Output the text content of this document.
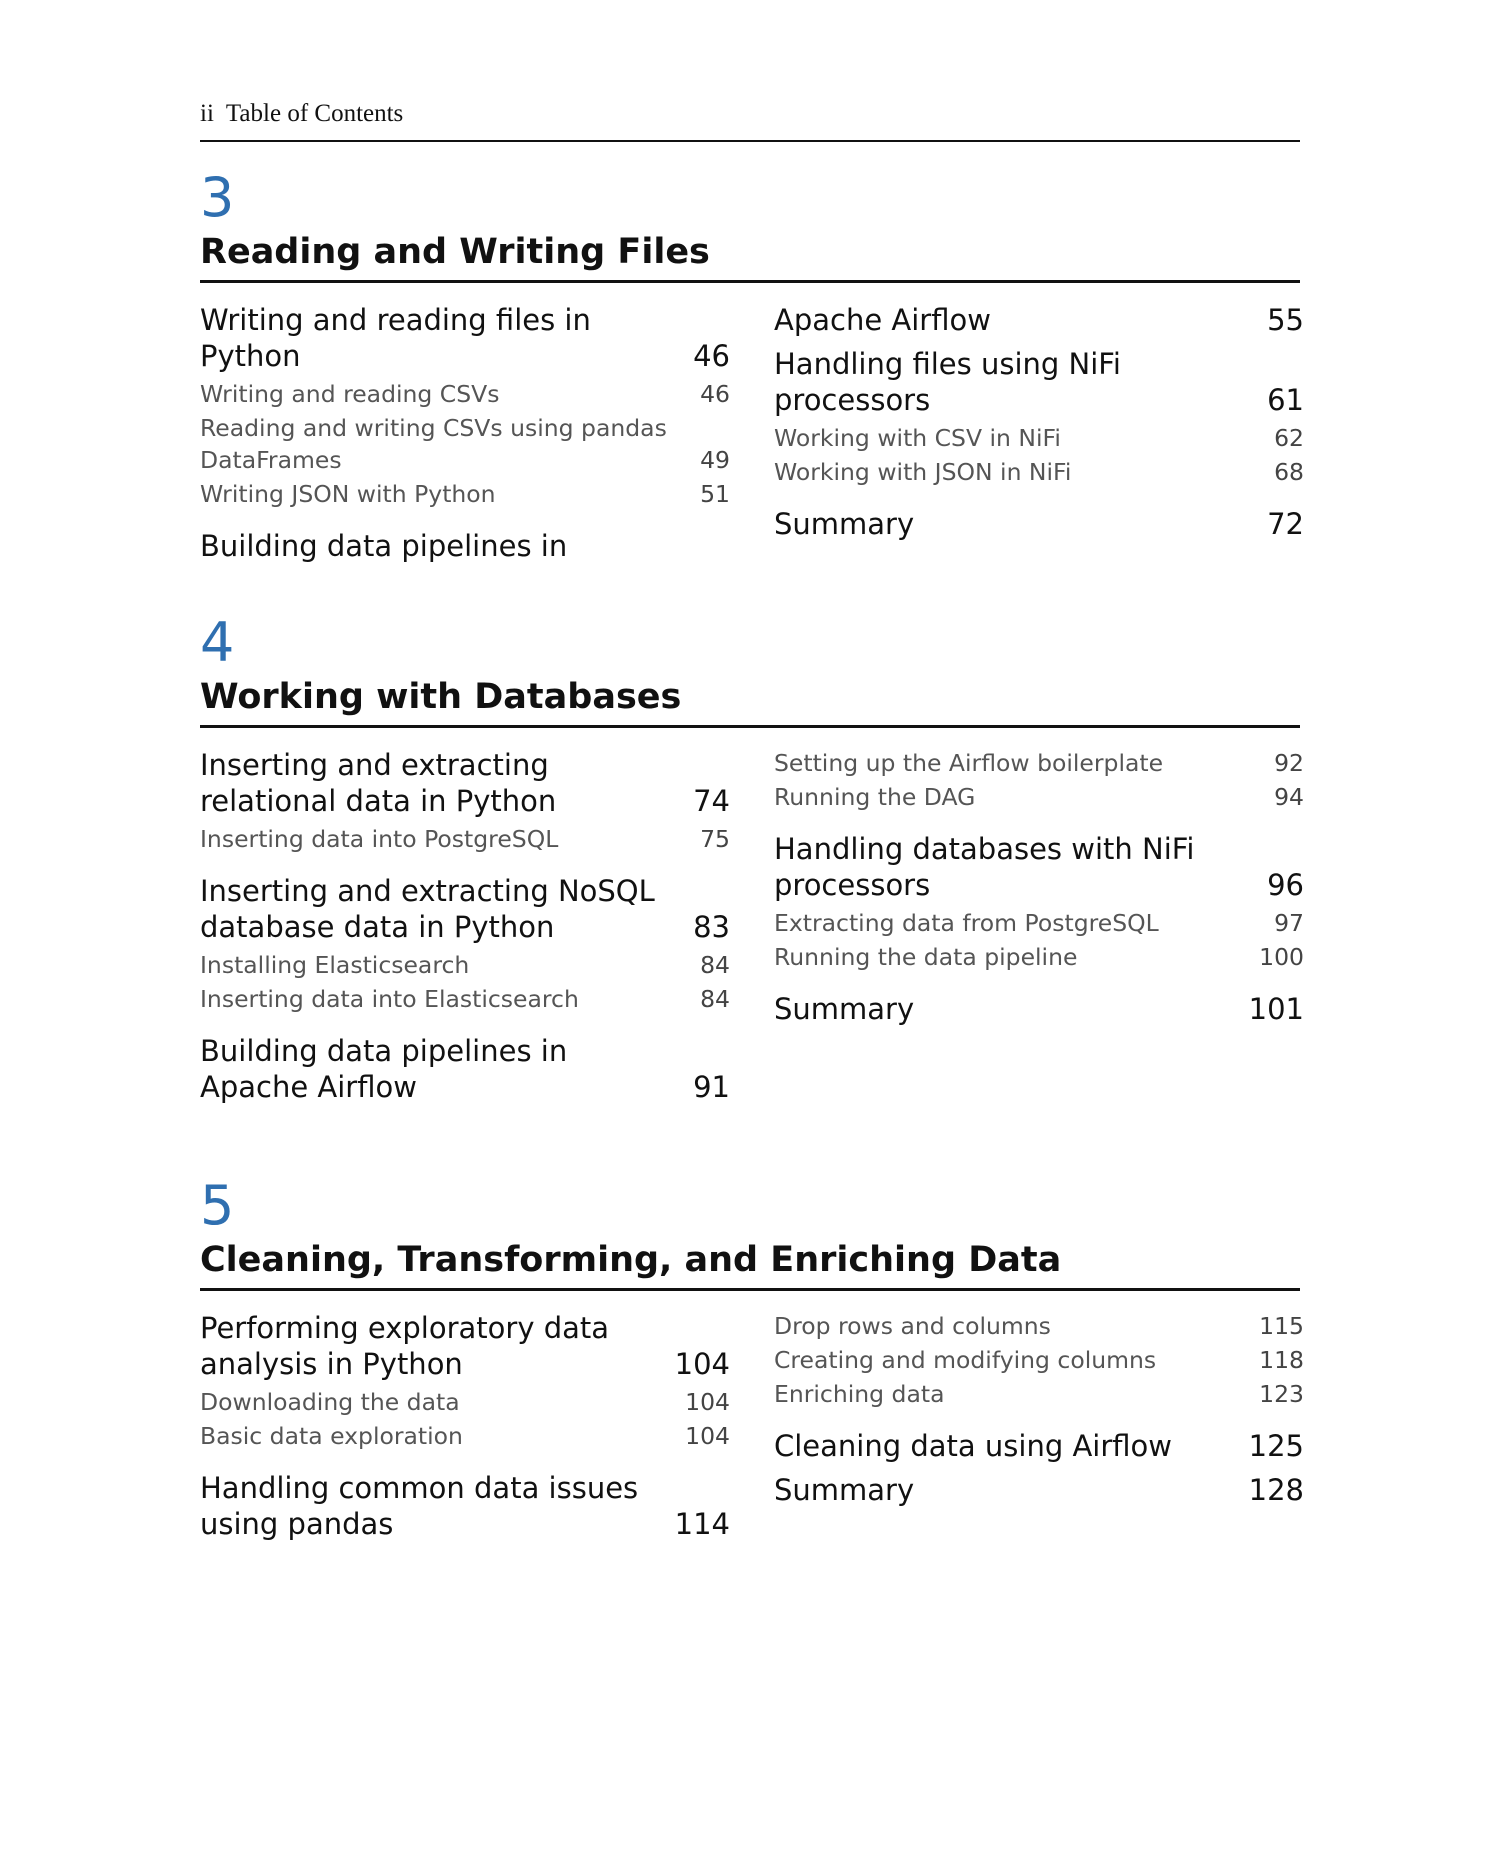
ii Table of Contents
3
Reading and Writing Files
Writing and reading files in Python	46
Writing and reading CSVs	46
Reading and writing CSVs using pandas DataFrames	49
Writing JSON with Python	51
Building data pipelines in
Apache Airflow	55
Handling files using NiFi processors	61
Working with CSV in NiFi	62
Working with JSON in NiFi	68
Summary	72
4
Working with Databases
Inserting and extracting relational data in Python	74
Inserting data into PostgreSQL	75
Inserting and extracting NoSQL database data in Python	83
Installing Elasticsearch	84
Inserting data into Elasticsearch	84
Building data pipelines in Apache Airflow	91
Setting up the Airflow boilerplate	92
Running the DAG	94
Handling databases with NiFi processors	96
Extracting data from PostgreSQL	97
Running the data pipeline	100
Summary	101
5
Cleaning, Transforming, and Enriching Data
Performing exploratory data analysis in Python	104
Downloading the data	104
Basic data exploration	104
Handling common data issues using pandas	114
Drop rows and columns	115
Creating and modifying columns	118
Enriching data	123
Cleaning data using Airflow	125
Summary	128
